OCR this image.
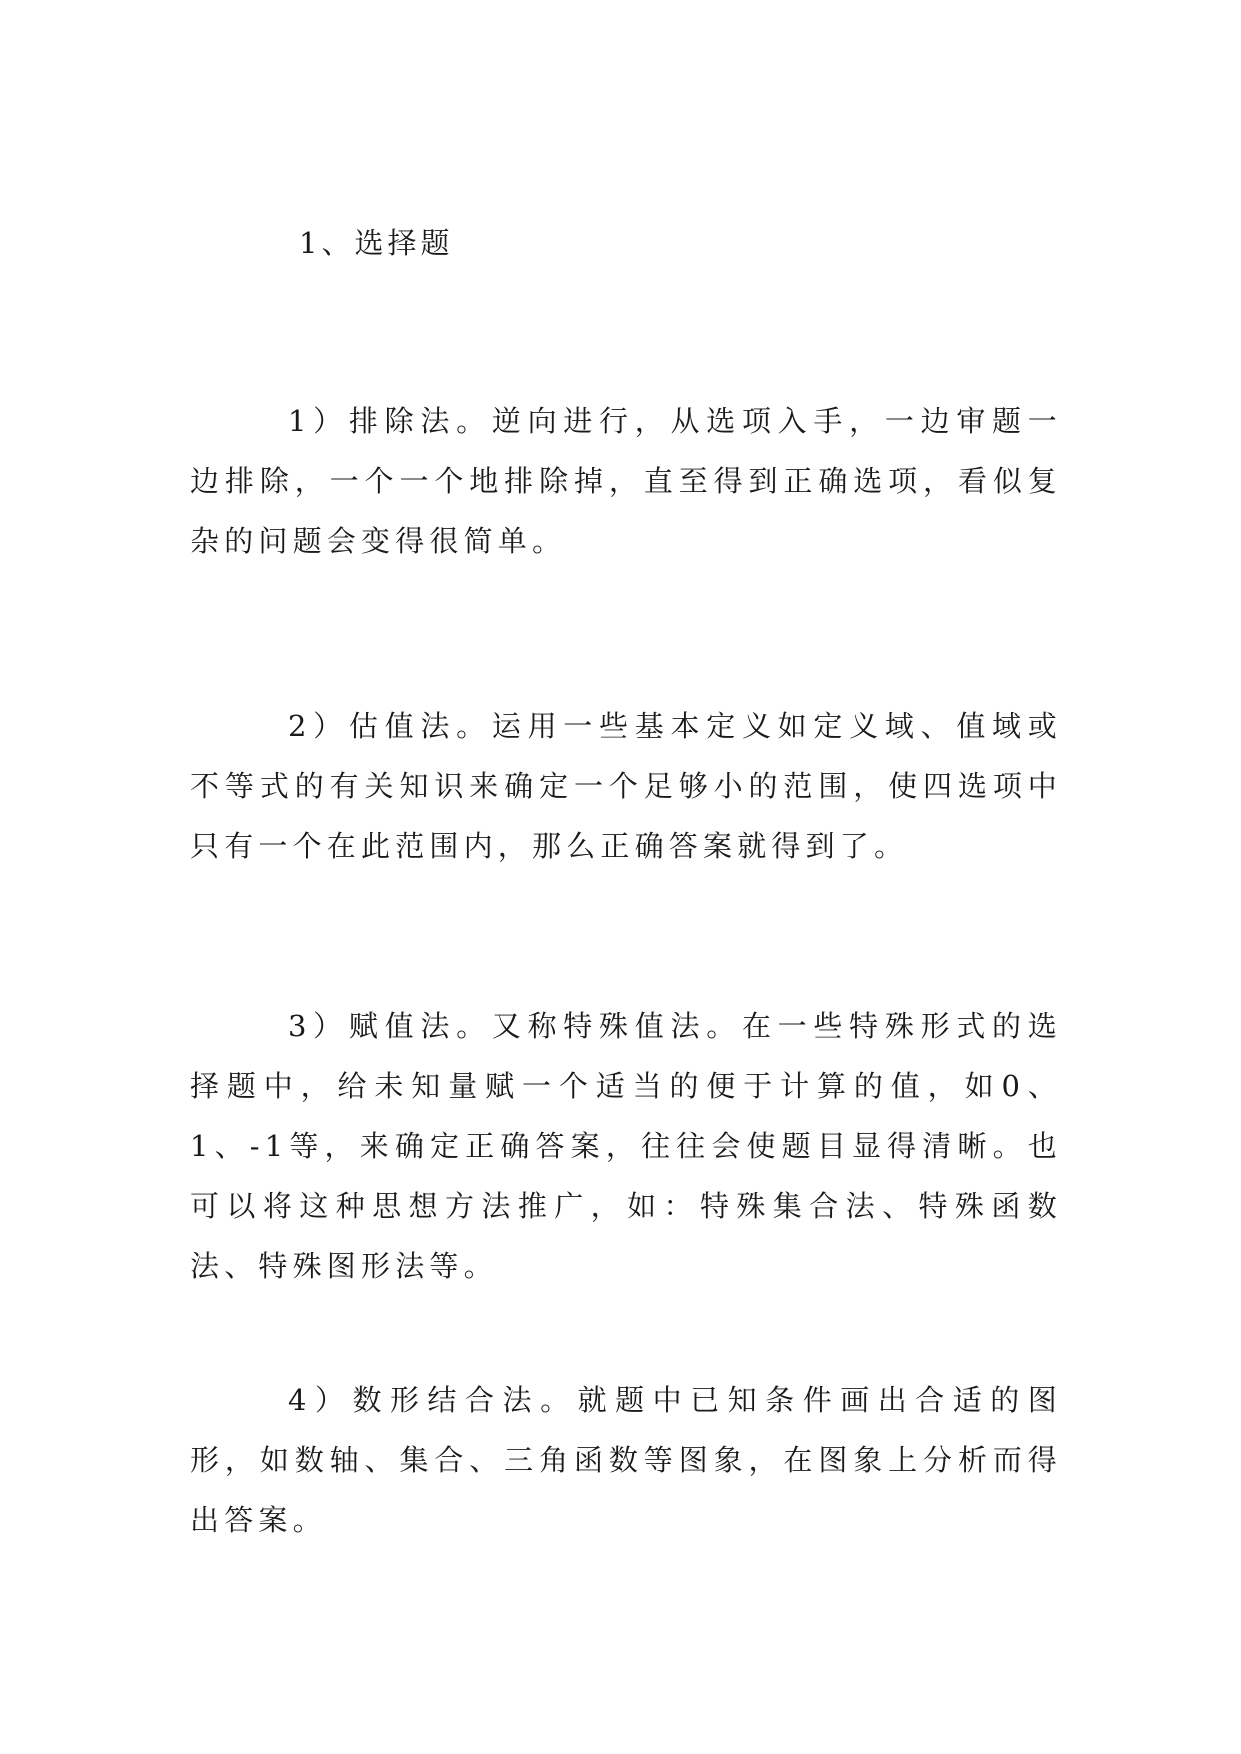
1、选择题

1）排除法。逆向进行，从选项入手，一边审题一边排除，一个一个地排除掉，直至得到正确选项，看似复杂的问题会变得很简单。

2）估值法。运用一些基本定义如定义域、值域或不等式的有关知识来确定一个足够小的范围，使四选项中只有一个在此范围内，那么正确答案就得到了。

3）赋值法。又称特殊值法。在一些特殊形式的选择题中，给未知量赋一个适当的便于计算的值，如0、1、-1等，来确定正确答案，往往会使题目显得清晰。也可以将这种思想方法推广，如：特殊集合法、特殊函数法、特殊图形法等。

4）数形结合法。就题中已知条件画出合适的图形，如数轴、集合、三角函数等图象，在图象上分析而得出答案。
